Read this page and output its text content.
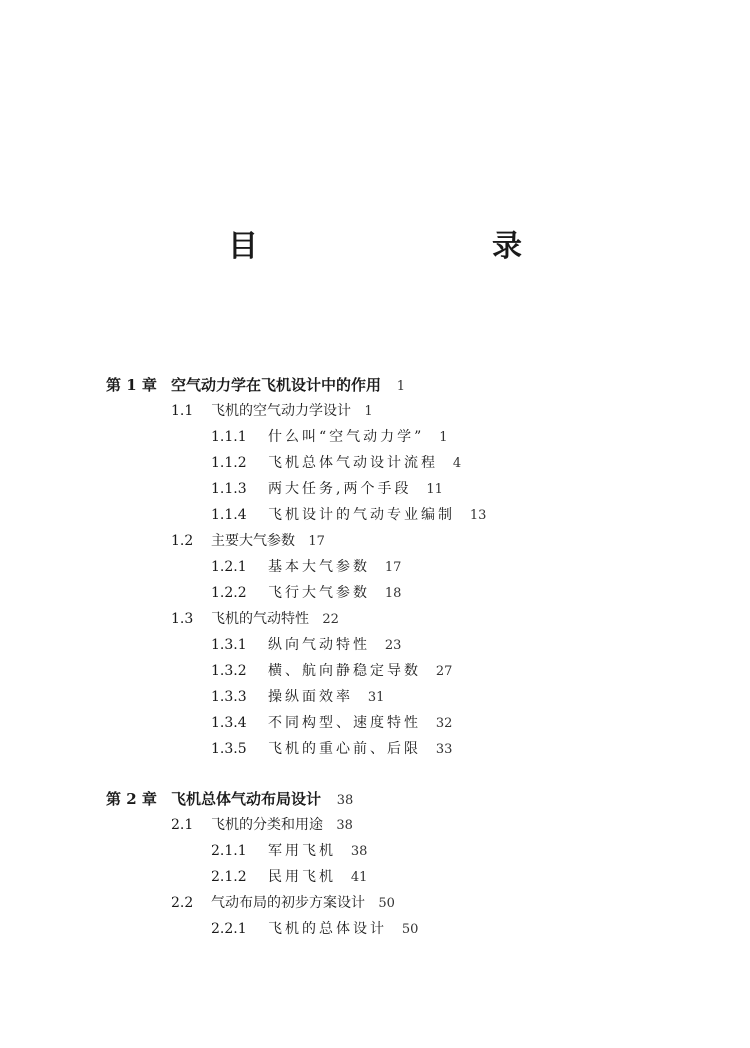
目　　录
第 1 章 空气动力学在飞机设计中的作用 1
1.1 飞机的空气动力学设计 1
1.1.1 什么叫“空气动力学” 1
1.1.2 飞机总体气动设计流程 4
1.1.3 两大任务,两个手段 11
1.1.4 飞机设计的气动专业编制 13
1.2 主要大气参数 17
1.2.1 基本大气参数 17
1.2.2 飞行大气参数 18
1.3 飞机的气动特性 22
1.3.1 纵向气动特性 23
1.3.2 横、航向静稳定导数 27
1.3.3 操纵面效率 31
1.3.4 不同构型、速度特性 32
1.3.5 飞机的重心前、后限 33
第 2 章 飞机总体气动布局设计 38
2.1 飞机的分类和用途 38
2.1.1 军用飞机 38
2.1.2 民用飞机 41
2.2 气动布局的初步方案设计 50
2.2.1 飞机的总体设计 50
